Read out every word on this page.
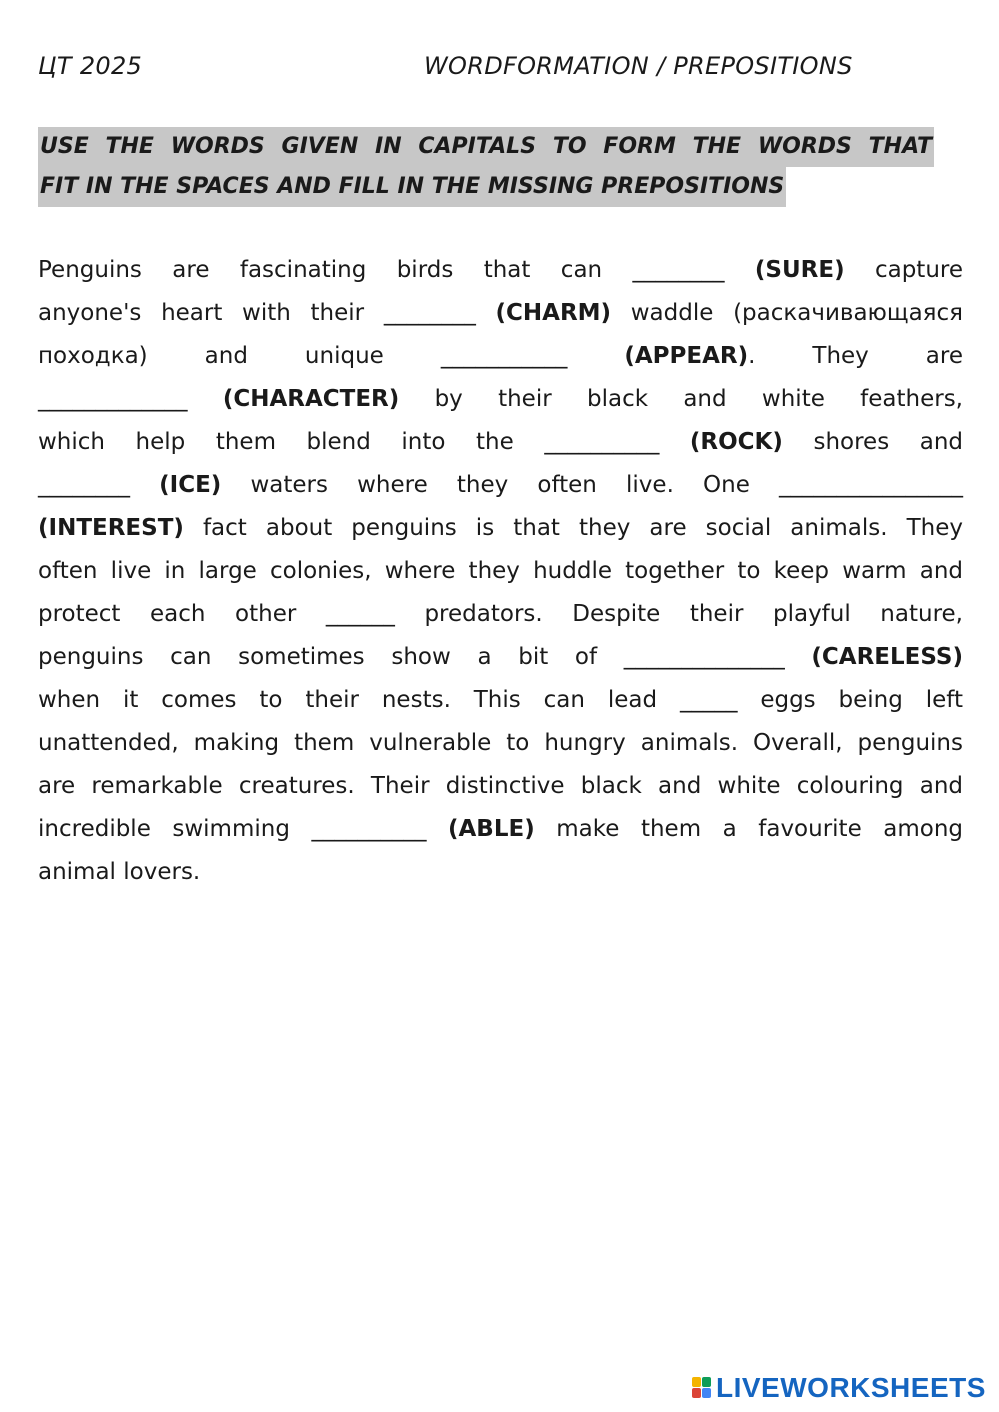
ЦТ 2025	WORDFORMATION / PREPOSITIONS
USE THE WORDS GIVEN IN CAPITALS TO FORM THE WORDS THAT
FIT IN THE SPACES AND FILL IN THE MISSING PREPOSITIONS
Penguins are fascinating birds that can ________ (SURE) capture
anyone's heart with their ________ (CHARM) waddle (раскачивающаяся
походка) and unique ___________ (APPEAR). They are
_____________ (CHARACTER) by their black and white feathers,
which help them blend into the __________ (ROCK) shores and
________ (ICE) waters where they often live. One ________________
(INTEREST) fact about penguins is that they are social animals. They
often live in large colonies, where they huddle together to keep warm and
protect each other ______ predators. Despite their playful nature,
penguins can sometimes show a bit of ______________ (CARELESS)
when it comes to their nests. This can lead _____ eggs being left
unattended, making them vulnerable to hungry animals. Overall, penguins
are remarkable creatures. Their distinctive black and white colouring and
incredible swimming __________ (ABLE) make them a favourite among
animal lovers.
LIVEWORKSHEETS
